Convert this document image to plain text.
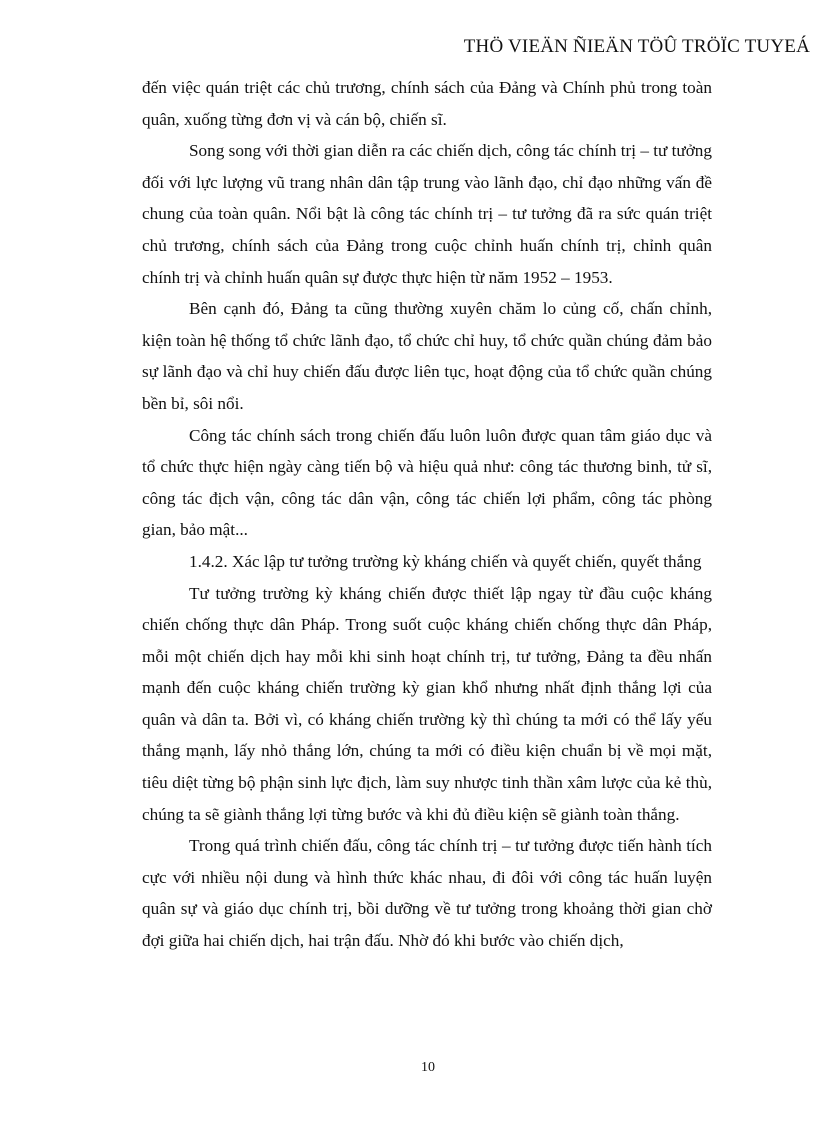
THÖ VIEÄN ÑIEÄN TÖÛ TRÖÏC TUYEÁ

đến việc quán triệt các chủ trương, chính sách của Đảng và Chính phủ trong toàn quân, xuống từng đơn vị và cán bộ, chiến sĩ.

Song song với thời gian diễn ra các chiến dịch, công tác chính trị – tư tưởng đối với lực lượng vũ trang nhân dân tập trung vào lãnh đạo, chỉ đạo những vấn đề chung của toàn quân. Nổi bật là công tác chính trị – tư tưởng đã ra sức quán triệt chủ trương, chính sách của Đảng trong cuộc chỉnh huấn chính trị, chỉnh quân chính trị và chỉnh huấn quân sự được thực hiện từ năm 1952 – 1953.

Bên cạnh đó, Đảng ta cũng thường xuyên chăm lo củng cố, chấn chỉnh, kiện toàn hệ thống tổ chức lãnh đạo, tổ chức chỉ huy, tổ chức quần chúng đảm bảo sự lãnh đạo và chỉ huy chiến đấu được liên tục, hoạt động của tổ chức quần chúng bền bỉ, sôi nổi.

Công tác chính sách trong chiến đấu luôn luôn được quan tâm giáo dục và tổ chức thực hiện ngày càng tiến bộ và hiệu quả như: công tác thương binh, tử sĩ, công tác địch vận, công tác dân vận, công tác chiến lợi phẩm, công tác phòng gian, bảo mật...

1.4.2. Xác lập tư tưởng trường kỳ kháng chiến và quyết chiến, quyết thắng

Tư tưởng trường kỳ kháng chiến được thiết lập ngay từ đầu cuộc kháng chiến chống thực dân Pháp. Trong suốt cuộc kháng chiến chống thực dân Pháp, mỗi một chiến dịch hay mỗi khi sinh hoạt chính trị, tư tưởng, Đảng ta đều nhấn mạnh đến cuộc kháng chiến trường kỳ gian khổ nhưng nhất định thắng lợi của quân và dân ta. Bởi vì, có kháng chiến trường kỳ thì chúng ta mới có thể lấy yếu thắng mạnh, lấy nhỏ thắng lớn, chúng ta mới có điều kiện chuẩn bị về mọi mặt, tiêu diệt từng bộ phận sinh lực địch, làm suy nhược tinh thần xâm lược của kẻ thù, chúng ta sẽ giành thắng lợi từng bước và khi đủ điều kiện sẽ giành toàn thắng.

Trong quá trình chiến đấu, công tác chính trị – tư tưởng được tiến hành tích cực với nhiều nội dung và hình thức khác nhau, đi đôi với công tác huấn luyện quân sự và giáo dục chính trị, bồi dưỡng về tư tưởng trong khoảng thời gian chờ đợi giữa hai chiến dịch, hai trận đấu. Nhờ đó khi bước vào chiến dịch,

10
